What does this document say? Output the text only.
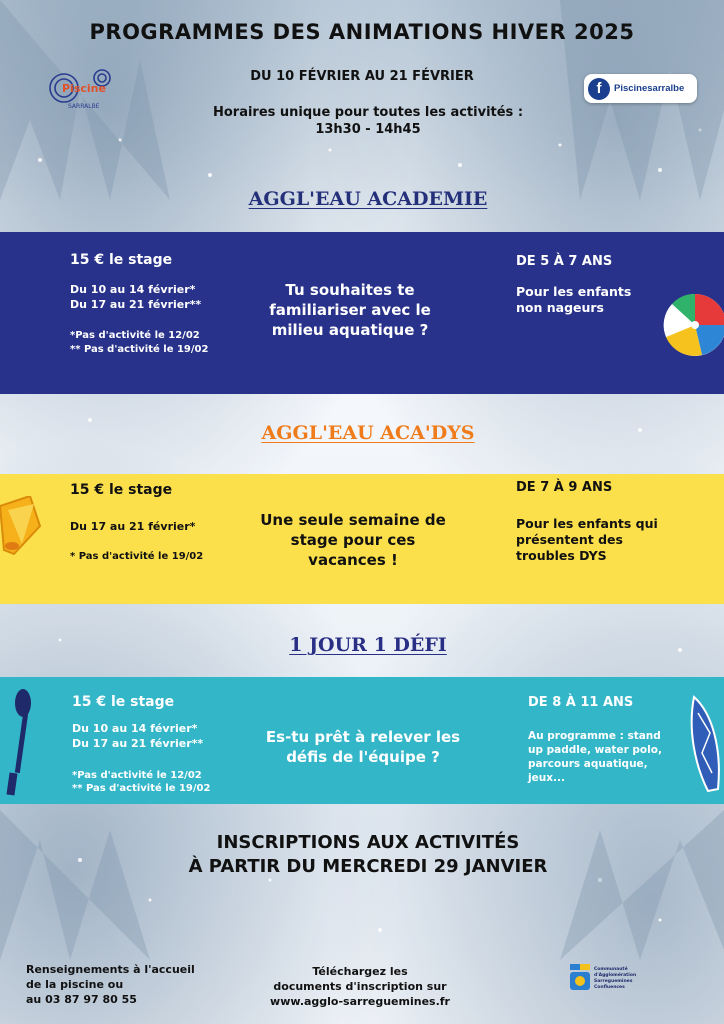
PROGRAMMES DES ANIMATIONS HIVER 2025
DU 10 FÉVRIER AU 21 FÉVRIER
Horaires unique pour toutes les activités :
13h30 - 14h45
Piscine
SARRALBE
f	Piscinesarralbe
AGGL'EAU ACADEMIE
15 € le stage
Du 10 au 14 février*
Du 17 au 21 février**
*Pas d'activité le 12/02
** Pas d'activité le 19/02
Tu souhaites te familiariser avec le milieu aquatique ?
DE 5 À 7 ANS
Pour les enfants non nageurs
AGGL'EAU ACA'DYS
15 € le stage
Du 17 au 21 février*
* Pas d'activité le 19/02
Une seule semaine de stage pour ces vacances !
DE 7 À 9 ANS
Pour les enfants qui présentent des troubles DYS
1 JOUR 1 DÉFI
15 € le stage
Du 10 au 14 février*
Du 17 au 21 février**
*Pas d'activité le 12/02
** Pas d'activité le 19/02
Es-tu prêt à relever les défis de l'équipe ?
DE 8 À 11 ANS
Au programme : stand up paddle, water polo, parcours aquatique, jeux...
INSCRIPTIONS AUX ACTIVITÉS
À PARTIR DU MERCREDI 29 JANVIER
Renseignements à l'accueil
de la piscine ou
au 03 87 97 80 55
Téléchargez les
documents d'inscription sur
www.agglo-sarreguemines.fr
Communauté
d'Agglomération
Sarreguemines
Confluences
